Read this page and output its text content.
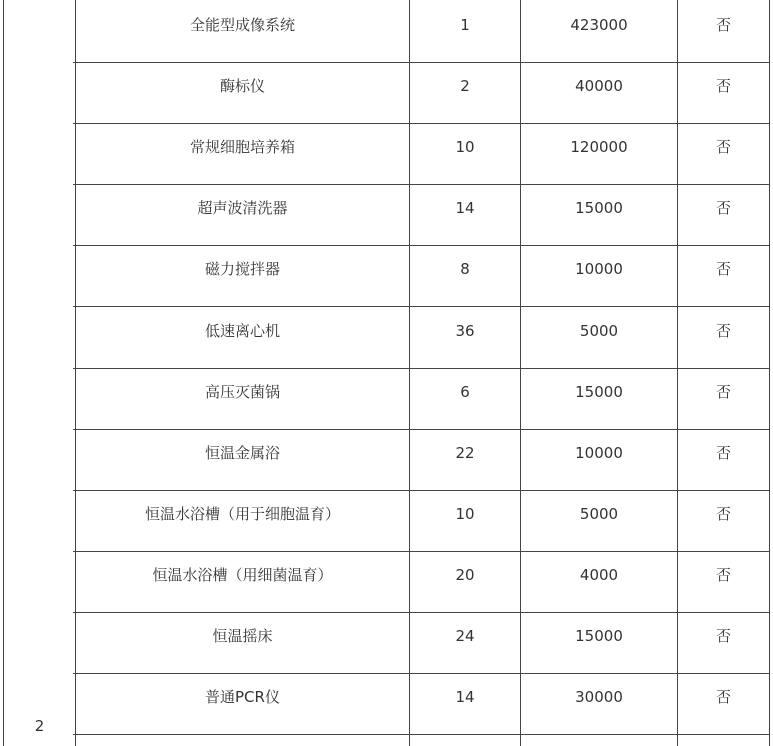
2
全能型成像系统	1	423000	否
酶标仪	2	40000	否
常规细胞培养箱	10	120000	否
超声波清洗器	14	15000	否
磁力搅拌器	8	10000	否
低速离心机	36	5000	否
高压灭菌锅	6	15000	否
恒温金属浴	22	10000	否
恒温水浴槽（用于细胞温育）	10	5000	否
恒温水浴槽（用细菌温育）	20	4000	否
恒温摇床	24	15000	否
普通PCR仪	14	30000	否
